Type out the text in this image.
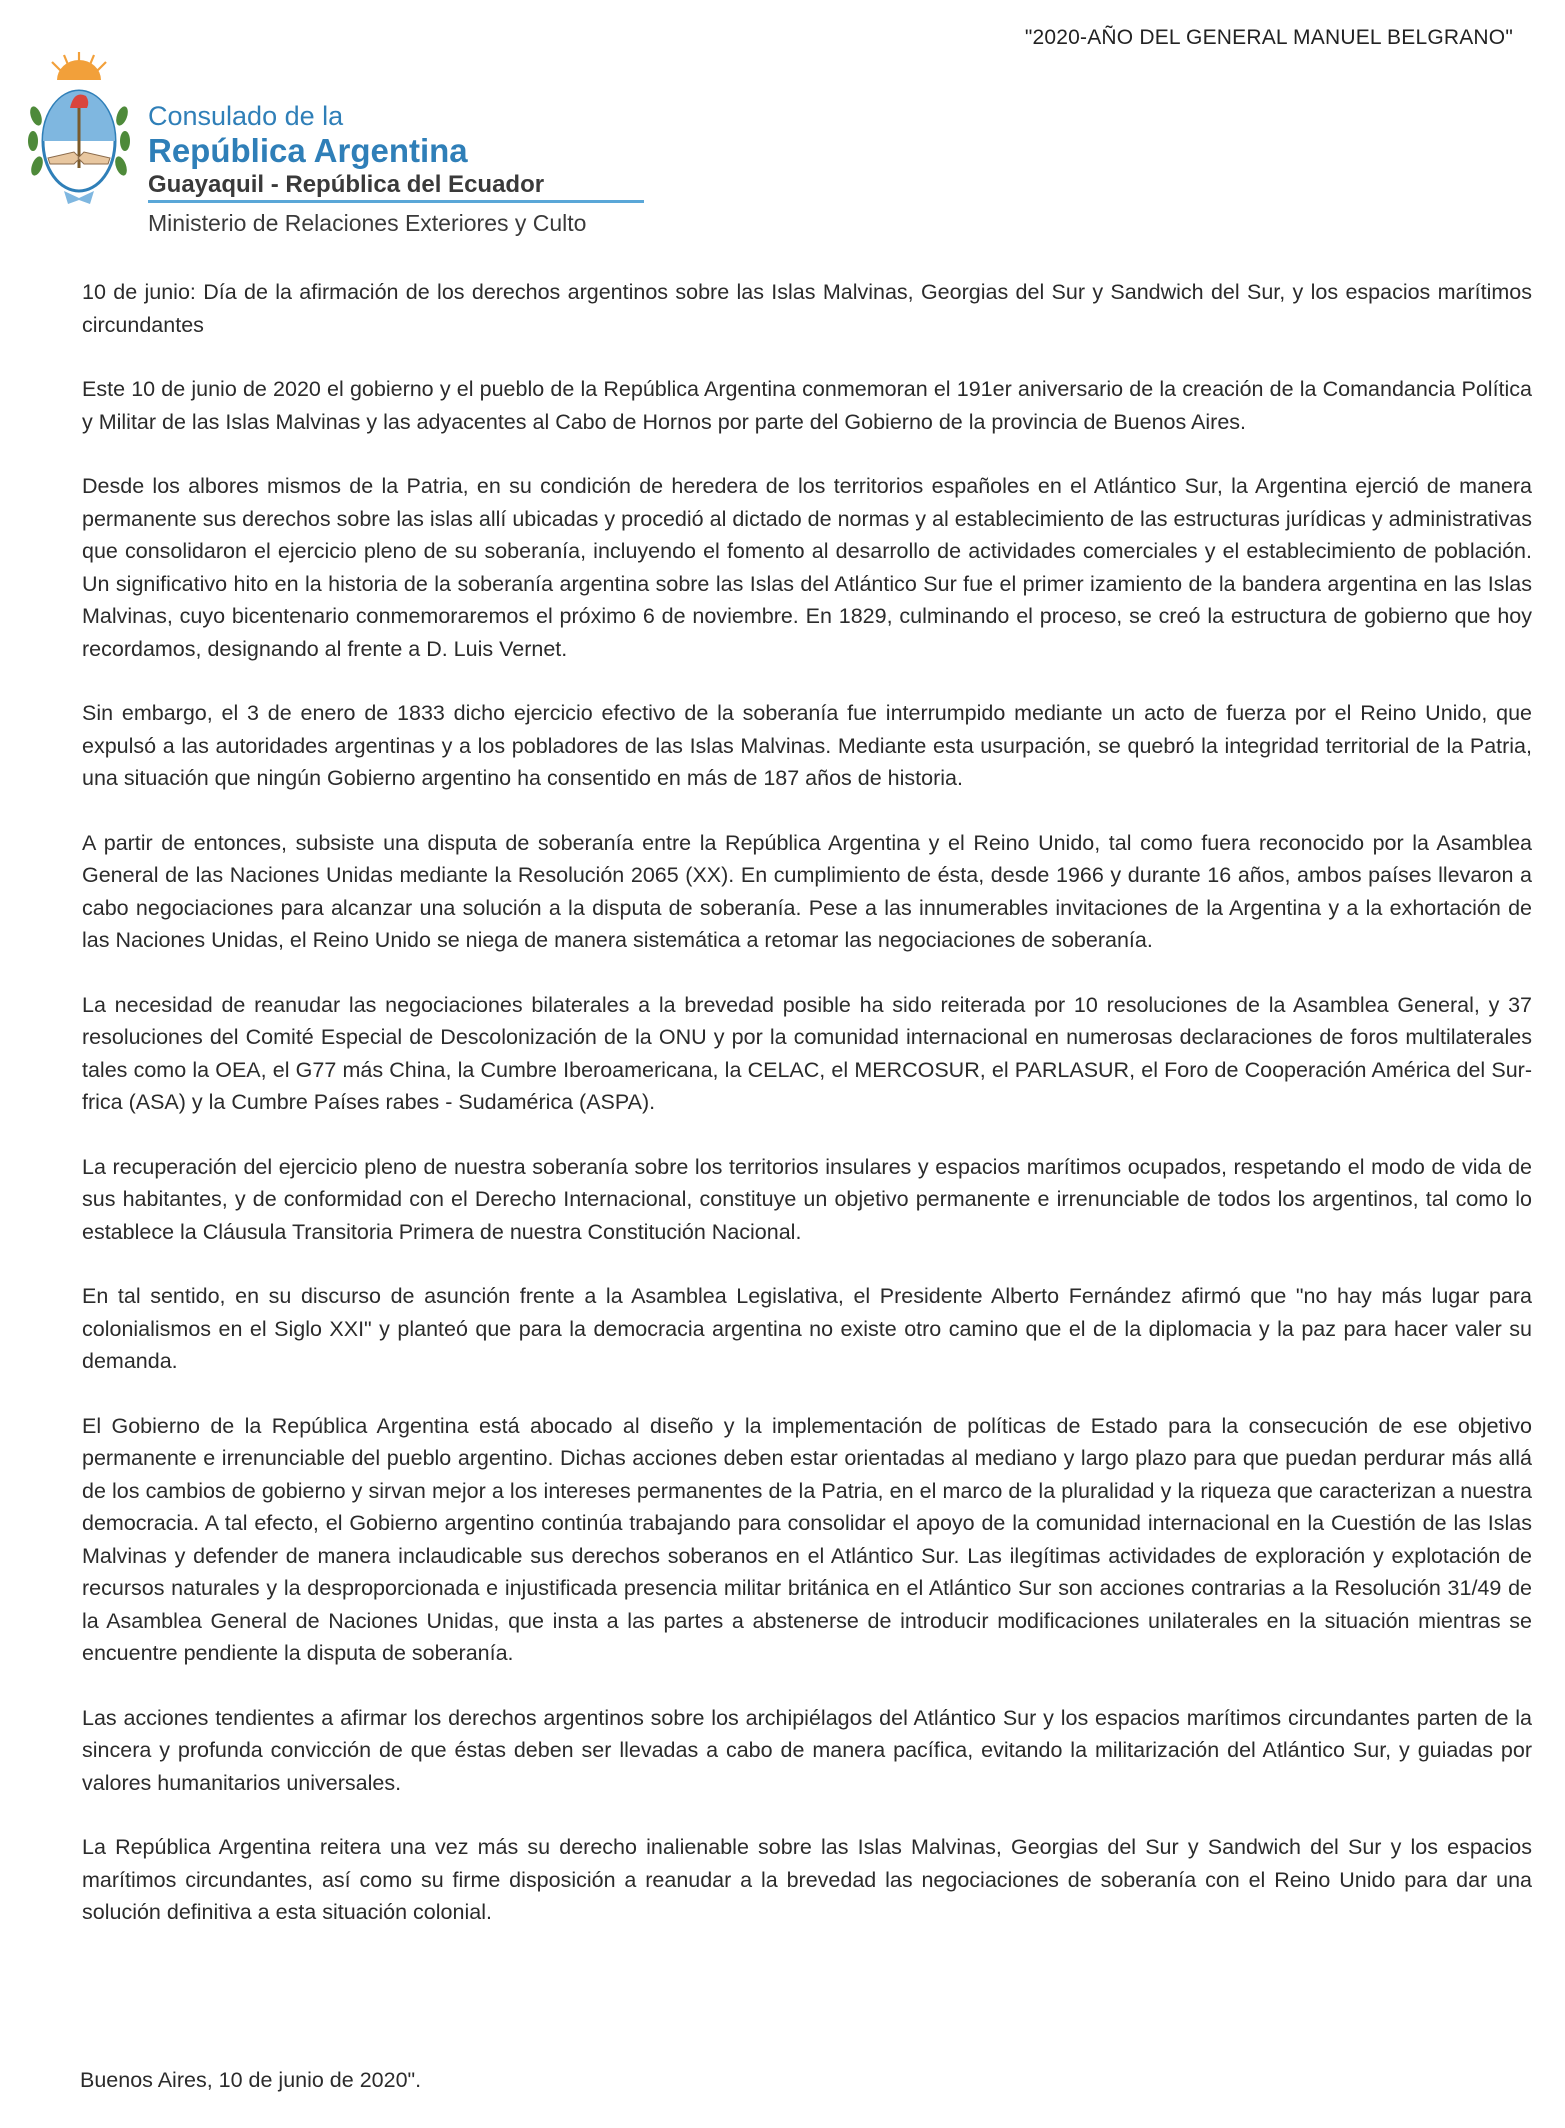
"2020-AÑO DEL GENERAL MANUEL BELGRANO"
Consulado de la
República Argentina
Guayaquil - República del Ecuador
Ministerio de Relaciones Exteriores y Culto

10 de junio: Día de la afirmación de los derechos argentinos sobre las Islas Malvinas, Georgias del Sur y Sandwich del Sur, y los espacios marítimos circundantes

Este 10 de junio de 2020 el gobierno y el pueblo de la República Argentina conmemoran el 191er aniversario de la creación de la Comandancia Política y Militar de las Islas Malvinas y las adyacentes al Cabo de Hornos por parte del Gobierno de la provincia de Buenos Aires.

Desde los albores mismos de la Patria, en su condición de heredera de los territorios españoles en el Atlántico Sur, la Argentina ejerció de manera permanente sus derechos sobre las islas allí ubicadas y procedió al dictado de normas y al establecimiento de las estructuras jurídicas y administrativas que consolidaron el ejercicio pleno de su soberanía, incluyendo el fomento al desarrollo de actividades comerciales y el establecimiento de población. Un significativo hito en la historia de la soberanía argentina sobre las Islas del Atlántico Sur fue el primer izamiento de la bandera argentina en las Islas Malvinas, cuyo bicentenario conmemoraremos el próximo 6 de noviembre. En 1829, culminando el proceso, se creó la estructura de gobierno que hoy recordamos, designando al frente a D. Luis Vernet.

Sin embargo, el 3 de enero de 1833 dicho ejercicio efectivo de la soberanía fue interrumpido mediante un acto de fuerza por el Reino Unido, que expulsó a las autoridades argentinas y a los pobladores de las Islas Malvinas. Mediante esta usurpación, se quebró la integridad territorial de la Patria, una situación que ningún Gobierno argentino ha consentido en más de 187 años de historia.

A partir de entonces, subsiste una disputa de soberanía entre la República Argentina y el Reino Unido, tal como fuera reconocido por la Asamblea General de las Naciones Unidas mediante la Resolución 2065 (XX). En cumplimiento de ésta, desde 1966 y durante 16 años, ambos países llevaron a cabo negociaciones para alcanzar una solución a la disputa de soberanía. Pese a las innumerables invitaciones de la Argentina y a la exhortación de las Naciones Unidas, el Reino Unido se niega de manera sistemática a retomar las negociaciones de soberanía.

La necesidad de reanudar las negociaciones bilaterales a la brevedad posible ha sido reiterada por 10 resoluciones de la Asamblea General, y 37 resoluciones del Comité Especial de Descolonización de la ONU y por la comunidad internacional en numerosas declaraciones de foros multilaterales tales como la OEA, el G77 más China, la Cumbre Iberoamericana, la CELAC, el MERCOSUR, el PARLASUR, el Foro de Cooperación América del Sur- frica (ASA) y la Cumbre Países rabes - Sudamérica (ASPA).

La recuperación del ejercicio pleno de nuestra soberanía sobre los territorios insulares y espacios marítimos ocupados, respetando el modo de vida de sus habitantes, y de conformidad con el Derecho Internacional, constituye un objetivo permanente e irrenunciable de todos los argentinos, tal como lo establece la Cláusula Transitoria Primera de nuestra Constitución Nacional.

En tal sentido, en su discurso de asunción frente a la Asamblea Legislativa, el Presidente Alberto Fernández afirmó que "no hay más lugar para colonialismos en el Siglo XXI" y planteó que para la democracia argentina no existe otro camino que el de la diplomacia y la paz para hacer valer su demanda.

El Gobierno de la República Argentina está abocado al diseño y la implementación de políticas de Estado para la consecución de ese objetivo permanente e irrenunciable del pueblo argentino. Dichas acciones deben estar orientadas al mediano y largo plazo para que puedan perdurar más allá de los cambios de gobierno y sirvan mejor a los intereses permanentes de la Patria, en el marco de la pluralidad y la riqueza que caracterizan a nuestra democracia. A tal efecto, el Gobierno argentino continúa trabajando para consolidar el apoyo de la comunidad internacional en la Cuestión de las Islas Malvinas y defender de manera inclaudicable sus derechos soberanos en el Atlántico Sur. Las ilegítimas actividades de exploración y explotación de recursos naturales y la desproporcionada e injustificada presencia militar británica en el Atlántico Sur son acciones contrarias a la Resolución 31/49 de la Asamblea General de Naciones Unidas, que insta a las partes a abstenerse de introducir modificaciones unilaterales en la situación mientras se encuentre pendiente la disputa de soberanía.

Las acciones tendientes a afirmar los derechos argentinos sobre los archipiélagos del Atlántico Sur y los espacios marítimos circundantes parten de la sincera y profunda convicción de que éstas deben ser llevadas a cabo de manera pacífica, evitando la militarización del Atlántico Sur, y guiadas por valores humanitarios universales.

La República Argentina reitera una vez más su derecho inalienable sobre las Islas Malvinas, Georgias del Sur y Sandwich del Sur y los espacios marítimos circundantes, así como su firme disposición a reanudar a la brevedad las negociaciones de soberanía con el Reino Unido para dar una solución definitiva a esta situación colonial.

Buenos Aires, 10 de junio de 2020".
